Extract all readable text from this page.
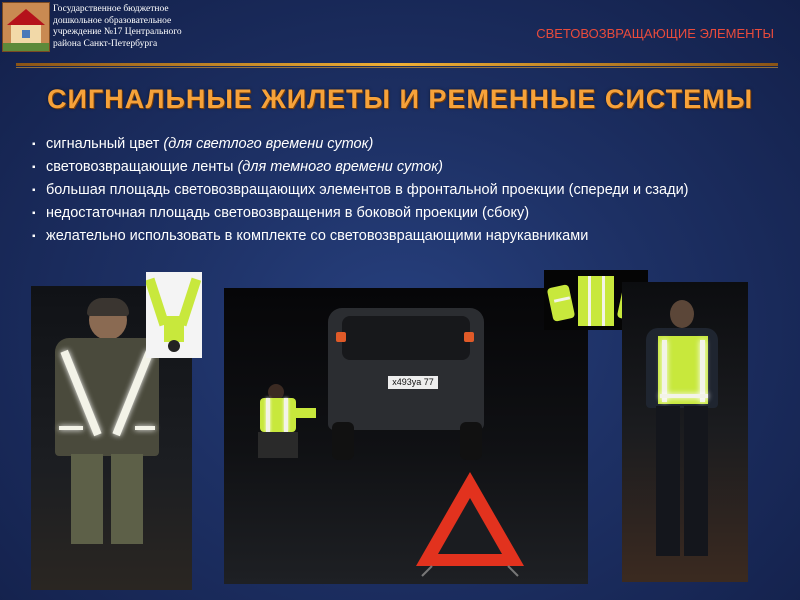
Государственное бюджетное
дошкольное образовательное
учреждение №17 Центрального
района Санкт-Петербурга
СВЕТОВОЗВРАЩАЮЩИЕ ЭЛЕМЕНТЫ
СИГНАЛЬНЫЕ ЖИЛЕТЫ И РЕМЕННЫЕ СИСТЕМЫ
▪ сигнальный цвет (для светлого времени суток)
▪ световозвращающие ленты (для темного времени суток)
▪ большая площадь световозвращающих элементов в фронтальной проекции (спереди и сзади)
▪ недостаточная площадь световозвращения в боковой проекции (сбоку)
▪ желательно использовать в комплекте со световозвращающими нарукавниками
х493уа 77
